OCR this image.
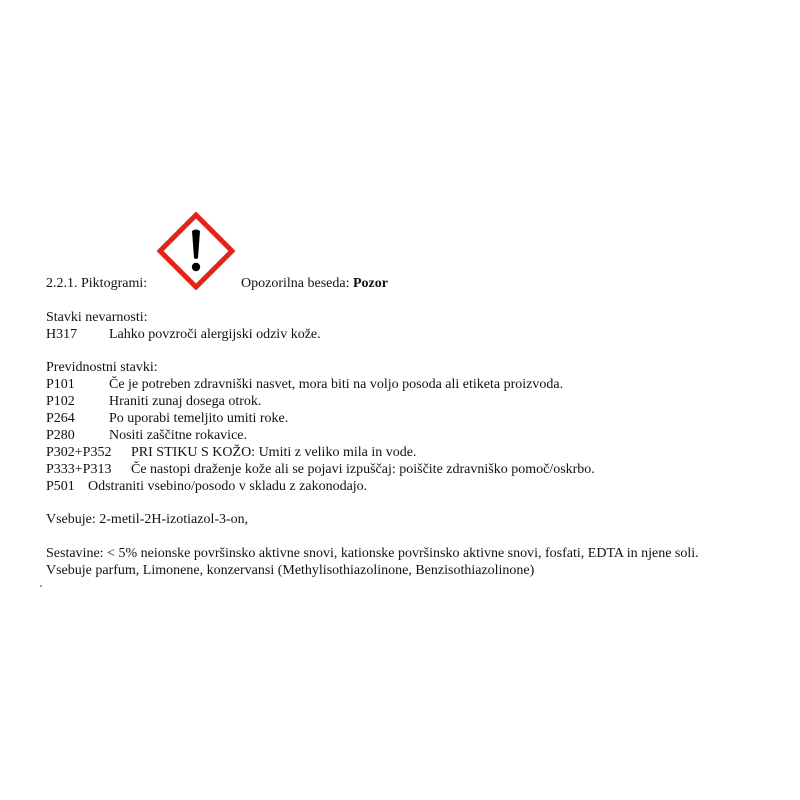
2.2.1. Piktogrami:	Opozorilna beseda: Pozor
Stavki nevarnosti:
H317 Lahko povzroči alergijski odziv kože.
Previdnostni stavki:
P101 Če je potreben zdravniški nasvet, mora biti na voljo posoda ali etiketa proizvoda.
P102 Hraniti zunaj dosega otrok.
P264 Po uporabi temeljito umiti roke.
P280 Nositi zaščitne rokavice.
P302+P352 PRI STIKU S KOŽO: Umiti z veliko mila in vode.
P333+P313 Če nastopi draženje kože ali se pojavi izpuščaj: poiščite zdravniško pomoč/oskrbo.
P501 Odstraniti vsebino/posodo v skladu z zakonodajo.
Vsebuje: 2-metil-2H-izotiazol-3-on,
Sestavine: < 5% neionske površinsko aktivne snovi, kationske površinsko aktivne snovi, fosfati, EDTA in njene soli.
Vsebuje parfum, Limonene, konzervansi (Methylisothiazolinone, Benzisothiazolinone)
